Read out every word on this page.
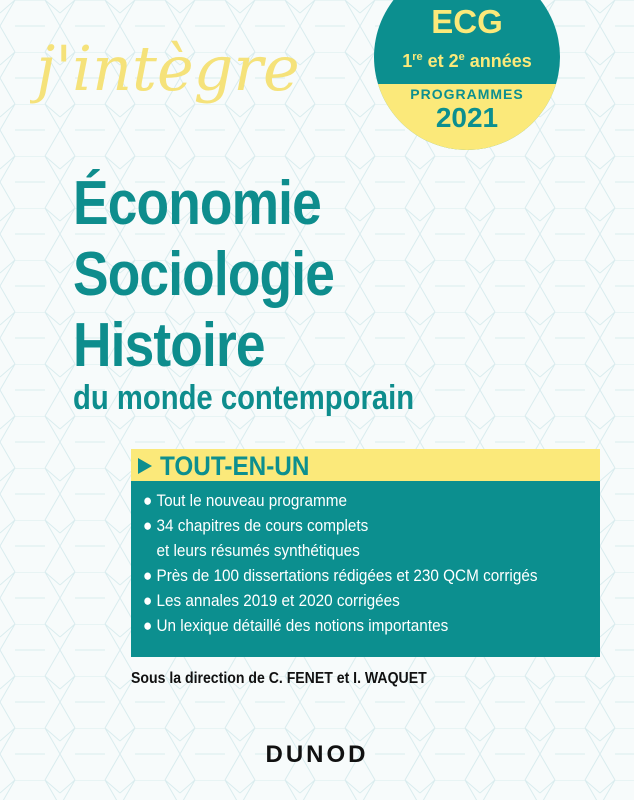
j'intègre
ECG
1re et 2e années
PROGRAMMES
2021
Économie
Sociologie
Histoire
du monde contemporain
TOUT-EN-UN
● Tout le nouveau programme
● 34 chapitres de cours complets
et leurs résumés synthétiques
● Près de 100 dissertations rédigées et 230 QCM corrigés
● Les annales 2019 et 2020 corrigées
● Un lexique détaillé des notions importantes
Sous la direction de C. FENET et I. WAQUET
DUNOD
